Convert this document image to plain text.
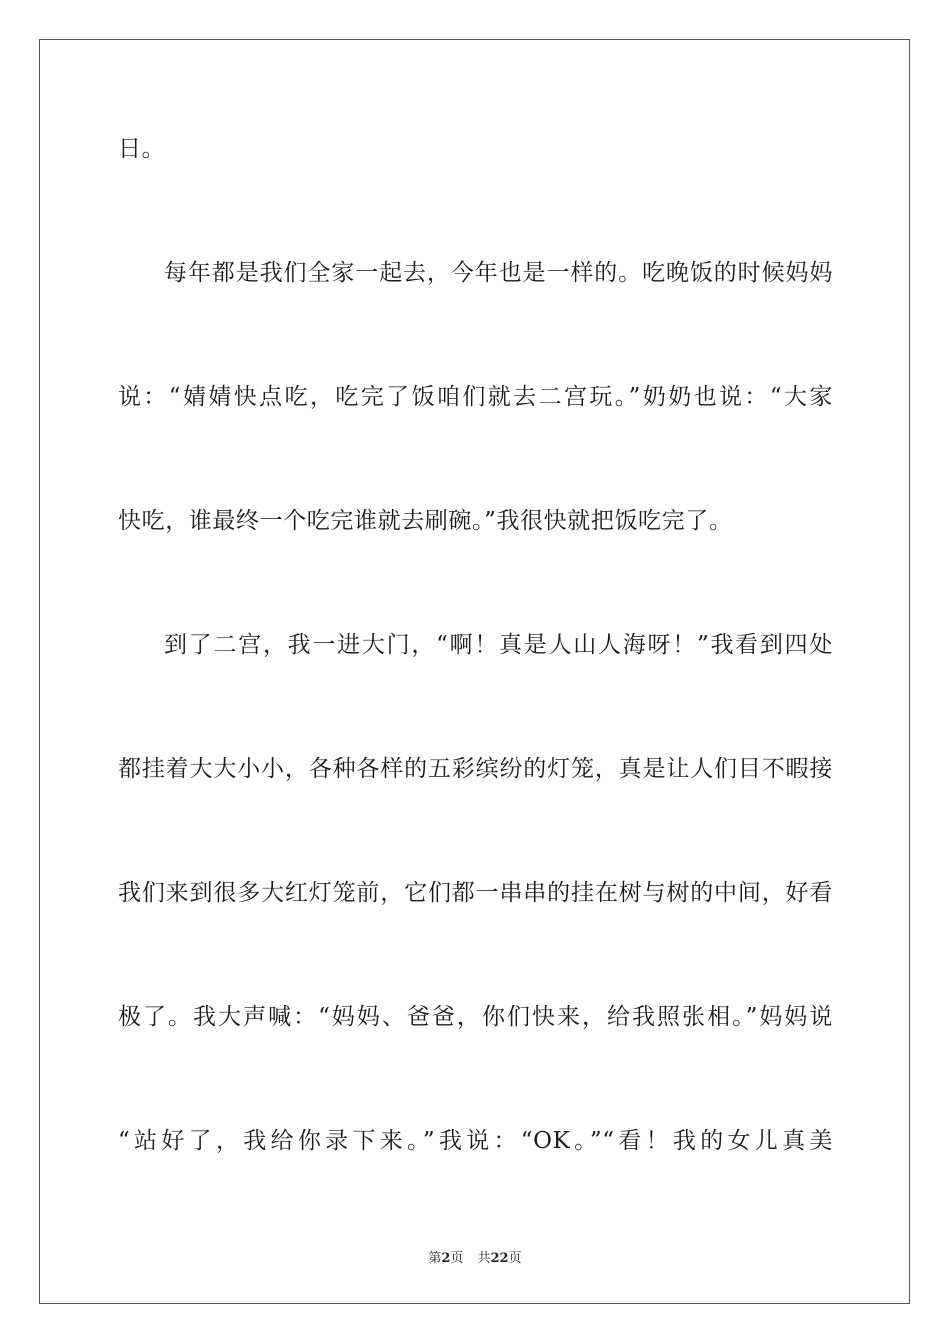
日。
每年都是我们全家一起去，今年也是一样的。吃晚饭的时候妈妈
说：“婧婧快点吃，吃完了饭咱们就去二宫玩。”奶奶也说：“大家
快吃，谁最终一个吃完谁就去刷碗。”我很快就把饭吃完了。
到了二宫，我一进大门，“啊！真是人山人海呀！”我看到四处
都挂着大大小小，各种各样的五彩缤纷的灯笼，真是让人们目不暇接
我们来到很多大红灯笼前，它们都一串串的挂在树与树的中间，好看
极了。我大声喊：“妈妈、爸爸，你们快来，给我照张相。”妈妈说
“站好了，我给你录下来。”我说：“OK。”“看！我的女儿真美
第2页 共22页
